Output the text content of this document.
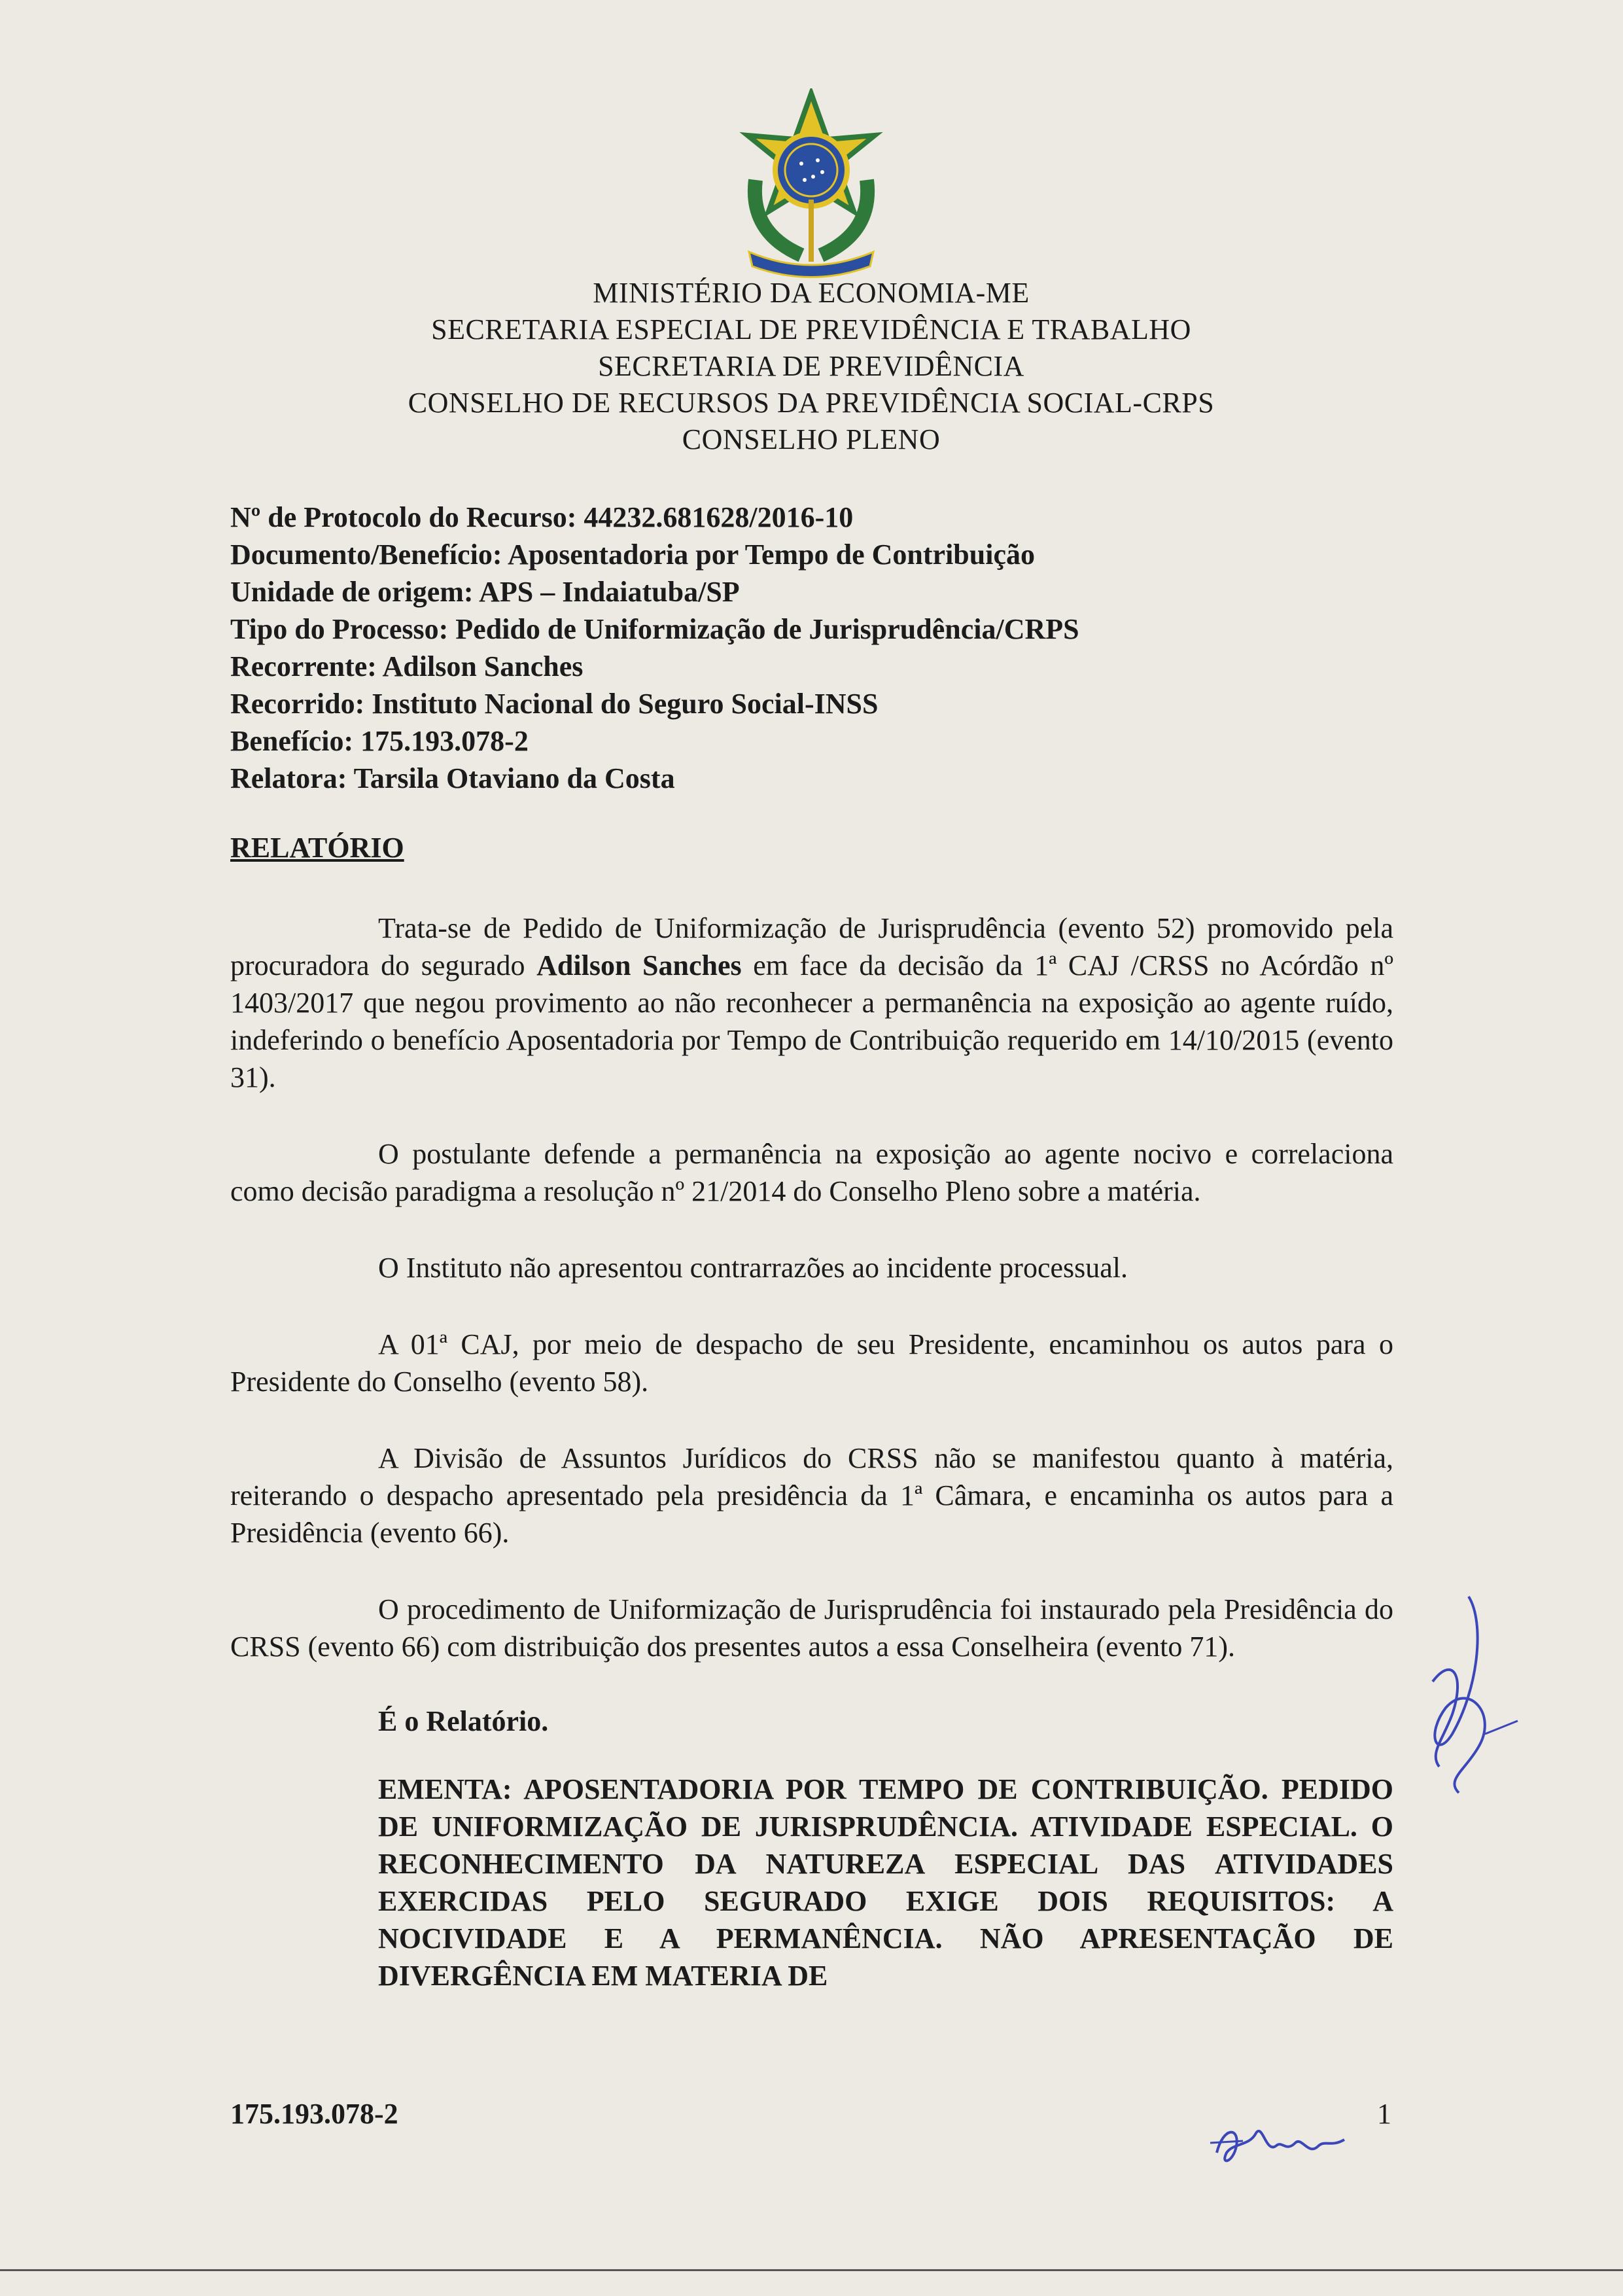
MINISTÉRIO DA ECONOMIA-ME
SECRETARIA ESPECIAL DE PREVIDÊNCIA E TRABALHO
SECRETARIA DE PREVIDÊNCIA
CONSELHO DE RECURSOS DA PREVIDÊNCIA SOCIAL-CRPS
CONSELHO PLENO
Nº de Protocolo do Recurso: 44232.681628/2016-10
Documento/Benefício: Aposentadoria por Tempo de Contribuição
Unidade de origem: APS – Indaiatuba/SP
Tipo do Processo: Pedido de Uniformização de Jurisprudência/CRPS
Recorrente: Adilson Sanches
Recorrido: Instituto Nacional do Seguro Social-INSS
Benefício: 175.193.078-2
Relatora: Tarsila Otaviano da Costa
RELATÓRIO

Trata-se de Pedido de Uniformização de Jurisprudência (evento 52) promovido pela procuradora do segurado Adilson Sanches em face da decisão da 1ª CAJ /CRSS no Acórdão nº 1403/2017 que negou provimento ao não reconhecer a permanência na exposição ao agente ruído, indeferindo o benefício Aposentadoria por Tempo de Contribuição requerido em 14/10/2015 (evento 31).

O postulante defende a permanência na exposição ao agente nocivo e correlaciona como decisão paradigma a resolução nº 21/2014 do Conselho Pleno sobre a matéria.

O Instituto não apresentou contrarrazões ao incidente processual.

A 01ª CAJ, por meio de despacho de seu Presidente, encaminhou os autos para o Presidente do Conselho (evento 58).

A Divisão de Assuntos Jurídicos do CRSS não se manifestou quanto à matéria, reiterando o despacho apresentado pela presidência da 1ª Câmara, e encaminha os autos para a Presidência (evento 66).

O procedimento de Uniformização de Jurisprudência foi instaurado pela Presidência do CRSS (evento 66) com distribuição dos presentes autos a essa Conselheira (evento 71).

É o Relatório.
EMENTA: APOSENTADORIA POR TEMPO DE CONTRIBUIÇÃO. PEDIDO DE UNIFORMIZAÇÃO DE JURISPRUDÊNCIA. ATIVIDADE ESPECIAL. O RECONHECIMENTO DA NATUREZA ESPECIAL DAS ATIVIDADES EXERCIDAS PELO SEGURADO EXIGE DOIS REQUISITOS: A NOCIVIDADE E A PERMANÊNCIA. NÃO APRESENTAÇÃO DE DIVERGÊNCIA EM MATERIA DE
175.193.078-2	1
